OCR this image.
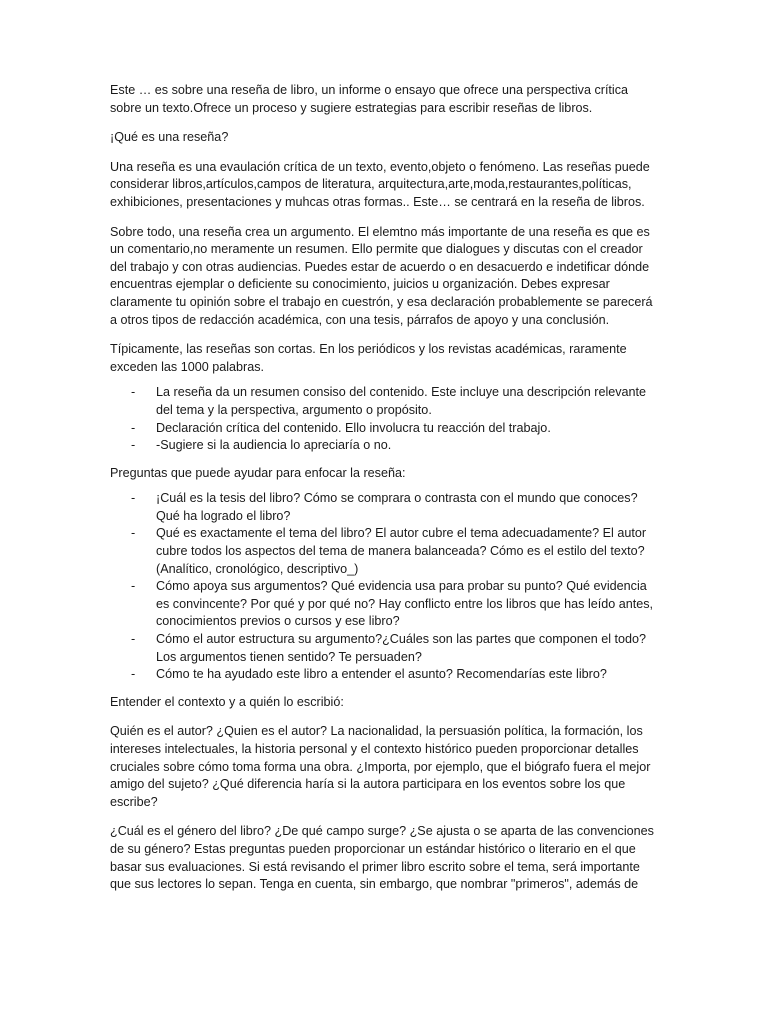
Este … es sobre una reseña de libro, un informe o ensayo que ofrece una perspectiva crítica sobre un texto.Ofrece un proceso y sugiere estrategias para escribir reseñas de libros.

¡Qué es una reseña?

Una reseña es una evaulación crítica de un texto, evento,objeto o fenómeno. Las reseñas puede considerar libros,artículos,campos de literatura, arquitectura,arte,moda,restaurantes,políticas, exhibiciones, presentaciones y muhcas otras formas.. Este… se centrará en la reseña de libros.

Sobre todo, una reseña crea un argumento. El elemtno más importante de una reseña es que es un comentario,no meramente un resumen. Ello permite que dialogues y discutas con el creador del trabajo y con otras audiencias. Puedes estar de acuerdo o en desacuerdo e indetificar dónde encuentras ejemplar o deficiente su conocimiento, juicios u organización. Debes expresar claramente tu opinión sobre el trabajo en cuestrón, y esa declaración probablemente se parecerá a otros tipos de redacción académica, con una tesis, párrafos de apoyo y una conclusión.

Típicamente, las reseñas son cortas. En los periódicos y los revistas académicas, raramente exceden las 1000 palabras.

- La reseña da un resumen consiso del contenido. Este incluye una descripción relevante del tema y la perspectiva, argumento o propósito.
- Declaración crítica del contenido. Ello involucra tu reacción del trabajo.
- -Sugiere si la audiencia lo apreciaría o no.

Preguntas que puede ayudar para enfocar la reseña:

- ¡Cuál es la tesis del libro? Cómo se comprara o contrasta con el mundo que conoces? Qué ha logrado el libro?
- Qué es exactamente el tema del libro? El autor cubre el tema adecuadamente? El autor cubre todos los aspectos del tema de manera balanceada? Cómo es el estilo del texto? (Analítico, cronológico, descriptivo_)
- Cómo apoya sus argumentos? Qué evidencia usa para probar su punto? Qué evidencia es convincente? Por qué y por qué no? Hay conflicto entre los libros que has leído antes, conocimientos previos o cursos y ese libro?
- Cómo el autor estructura su argumento?¿Cuáles son las partes que componen el todo? Los argumentos tienen sentido? Te persuaden?
- Cómo te ha ayudado este libro a entender el asunto? Recomendarías este libro?

Entender el contexto y a quién lo escribió:

Quién es el autor? ¿Quien es el autor? La nacionalidad, la persuasión política, la formación, los intereses intelectuales, la historia personal y el contexto histórico pueden proporcionar detalles cruciales sobre cómo toma forma una obra. ¿Importa, por ejemplo, que el biógrafo fuera el mejor amigo del sujeto? ¿Qué diferencia haría si la autora participara en los eventos sobre los que escribe?

¿Cuál es el género del libro? ¿De qué campo surge? ¿Se ajusta o se aparta de las convenciones de su género? Estas preguntas pueden proporcionar un estándar histórico o literario en el que basar sus evaluaciones. Si está revisando el primer libro escrito sobre el tema, será importante que sus lectores lo sepan. Tenga en cuenta, sin embargo, que nombrar "primeros", además de
